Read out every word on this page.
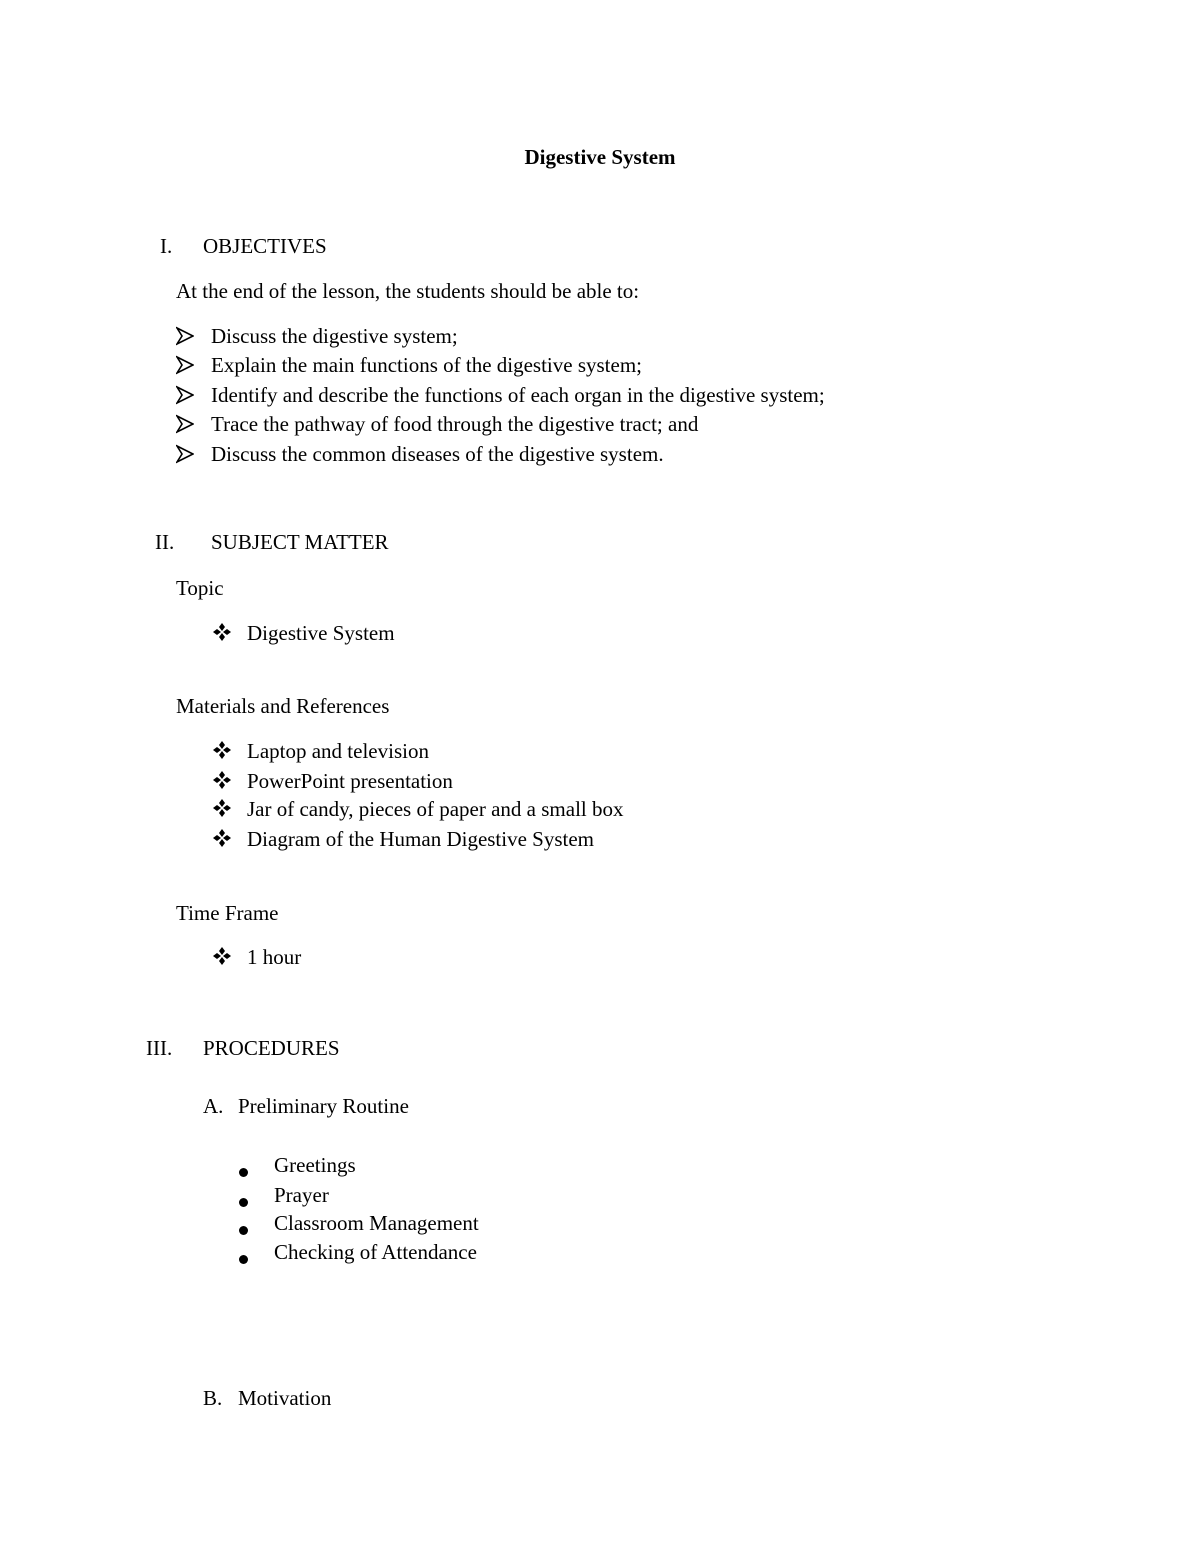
Digestive System
I. OBJECTIVES
At the end of the lesson, the students should be able to:
Discuss the digestive system;
Explain the main functions of the digestive system;
Identify and describe the functions of each organ in the digestive system;
Trace the pathway of food through the digestive tract; and
Discuss the common diseases of the digestive system.
II. SUBJECT MATTER
Topic
Digestive System
Materials and References
Laptop and television
PowerPoint presentation
Jar of candy, pieces of paper and a small box
Diagram of the Human Digestive System
Time Frame
1 hour
III. PROCEDURES
A. Preliminary Routine
Greetings
Prayer
Classroom Management
Checking of Attendance
B. Motivation
